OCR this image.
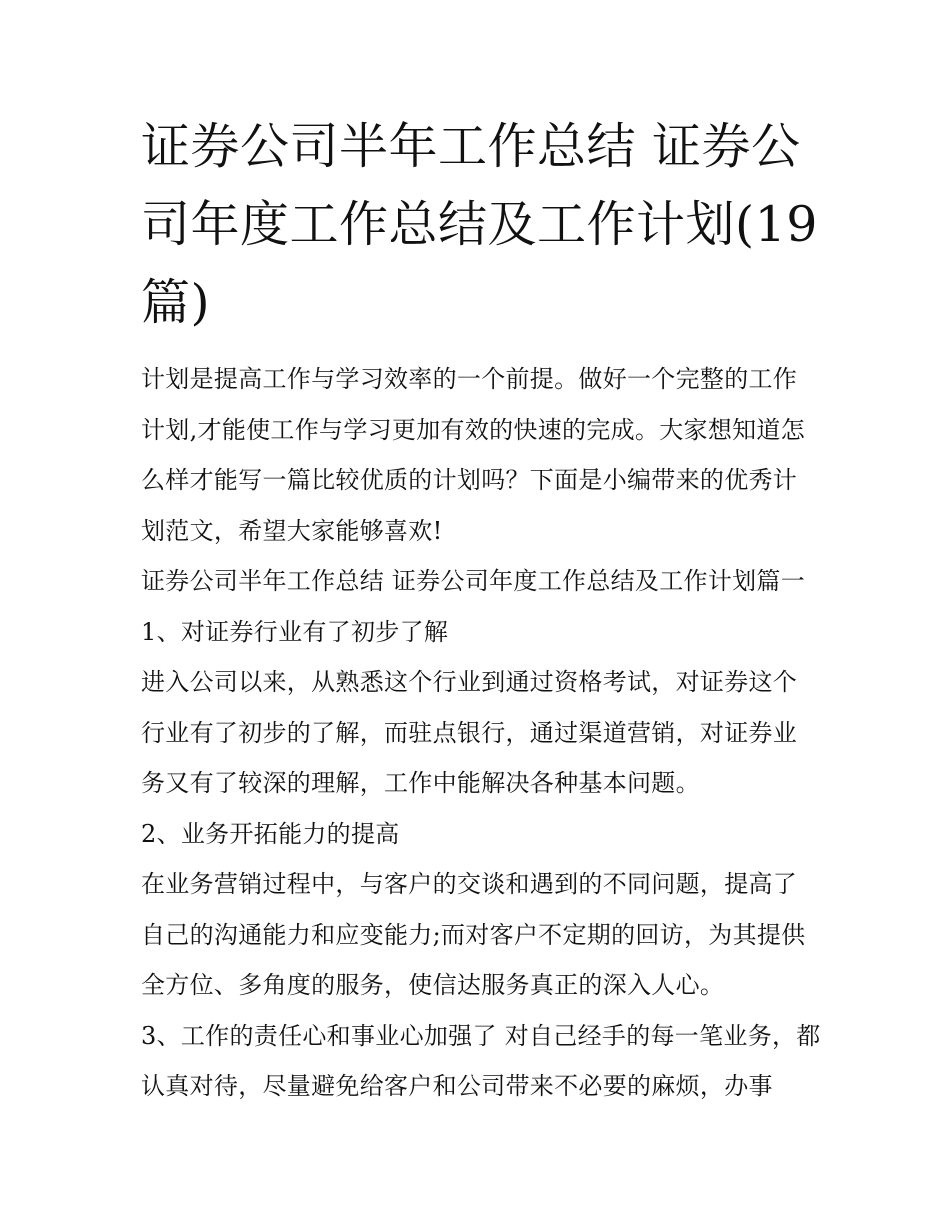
证券公司半年工作总结 证券公司年度工作总结及工作计划(19篇)

计划是提高工作与学习效率的一个前提。做好一个完整的工作计划,才能使工作与学习更加有效的快速的完成。大家想知道怎么样才能写一篇比较优质的计划吗？下面是小编带来的优秀计划范文，希望大家能够喜欢!

证券公司半年工作总结 证券公司年度工作总结及工作计划篇一 1、对证券行业有了初步了解

进入公司以来，从熟悉这个行业到通过资格考试，对证券这个行业有了初步的了解，而驻点银行，通过渠道营销，对证券业务又有了较深的理解，工作中能解决各种基本问题。

2、业务开拓能力的提高

在业务营销过程中，与客户的交谈和遇到的不同问题，提高了自己的沟通能力和应变能力;而对客户不定期的回访，为其提供全方位、多角度的服务，使信达服务真正的深入人心。

3、工作的责任心和事业心加强了 对自己经手的每一笔业务，都认真对待，尽量避免给客户和公司带来不必要的麻烦，办事
